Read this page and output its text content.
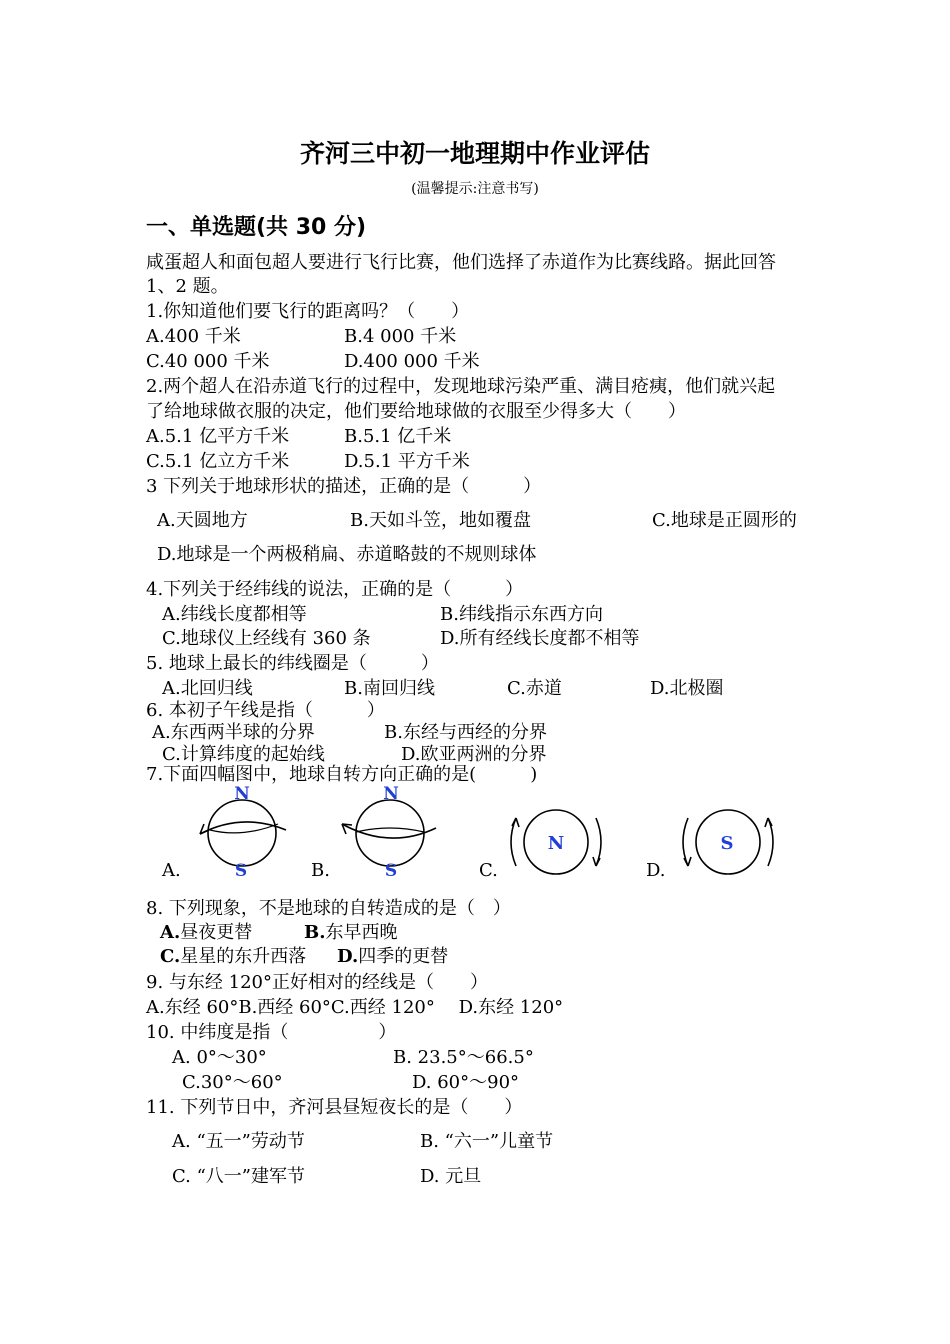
齐河三中初一地理期中作业评估
(温馨提示:注意书写)
一、单选题(共 30 分)
咸蛋超人和面包超人要进行飞行比赛，他们选择了赤道作为比赛线路。据此回答
1、2 题。
1.你知道他们要飞行的距离吗？（　　）
A.400 千米	B.4 000 千米
C.40 000 千米	D.400 000 千米
2.两个超人在沿赤道飞行的过程中，发现地球污染严重、满目疮痍，他们就兴起
了给地球做衣服的决定，他们要给地球做的衣服至少得多大（　　）
A.5.1 亿平方千米	B.5.1 亿千米
C.5.1 亿立方千米	D.5.1 平方千米
3 下列关于地球形状的描述，正确的是（　　　）
A.天圆地方	B.天如斗笠，地如覆盘	C.地球是正圆形的
D.地球是一个两极稍扁、赤道略鼓的不规则球体
4.下列关于经纬线的说法，正确的是（　　　）
A.纬线长度都相等	B.纬线指示东西方向
C.地球仪上经线有 360 条	D.所有经线长度都不相等
5. 地球上最长的纬线圈是（　　　）
A.北回归线	B.南回归线	C.赤道	D.北极圈
6. 本初子午线是指（　　　）
A.东西两半球的分界	B.东经与西经的分界
C.计算纬度的起始线	D.欧亚两洲的分界
7.下面四幅图中，地球自转方向正确的是(　　　)
N
S
A.
N
S
B.
N
C.
S
D.
8. 下列现象，不是地球的自转造成的是（　）
A.昼夜更替	B.东早西晚
C.星星的东升西落 D.四季的更替
9. 与东经 120°正好相对的经线是（　　）
A.东经 60°B.西经 60°C.西经 120°　 D.东经 120°
10. 中纬度是指（　　　　　）
A. 0°～30°	B. 23.5°～66.5°
C.30°～60°	D. 60°～90°
11. 下列节日中，齐河县昼短夜长的是（　　）
A. “五一”劳动节	B. “六一”儿童节
C. “八一”建军节	D. 元旦
